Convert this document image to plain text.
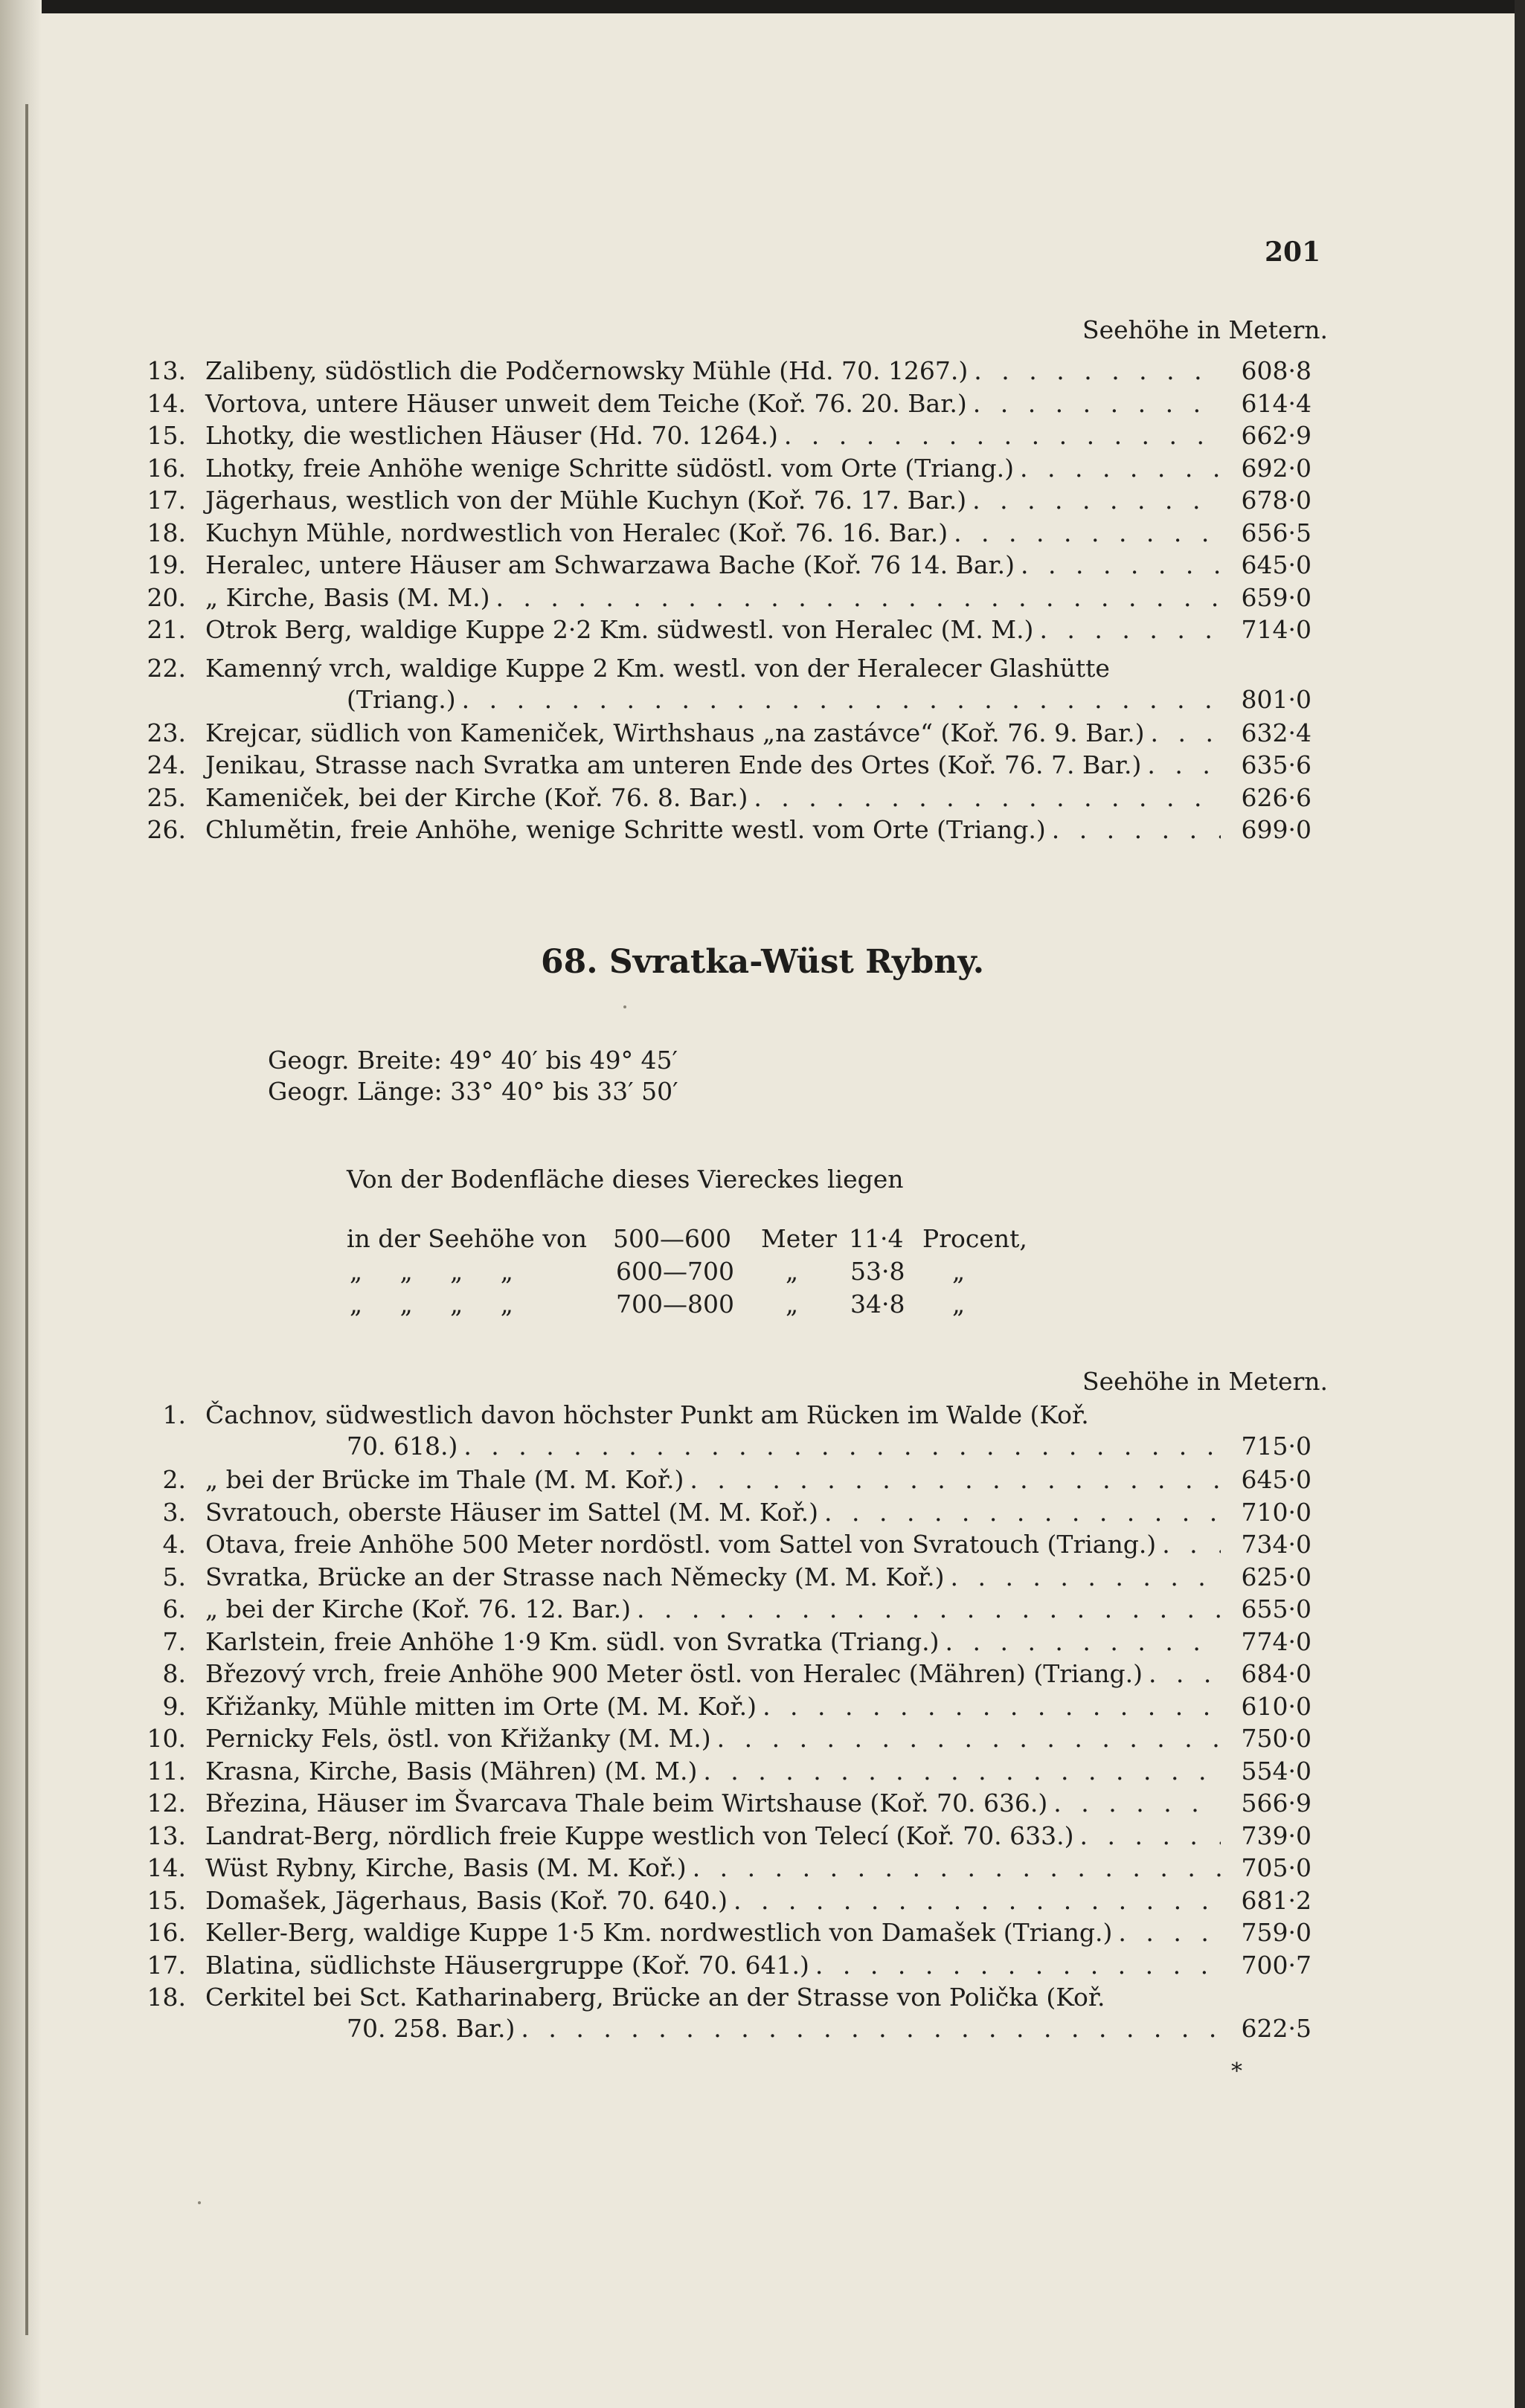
201
Seehöhe in Metern.
13. Zalibeny, südöstlich die Podčernowsky Mühle (Hd. 70. 1267.) . . .	608·8
14. Vortova, untere Häuser unweit dem Teiche (Koř. 76. 20. Bar.) . . .	614·4
15. Lhotky, die westlichen Häuser (Hd. 70. 1264.) . . .	662·9
16. Lhotky, freie Anhöhe wenige Schritte südöstl. vom Orte (Triang.) . . .	692·0
17. Jägerhaus, westlich von der Mühle Kuchyn (Koř. 76. 17. Bar.) . . .	678·0
18. Kuchyn Mühle, nordwestlich von Heralec (Koř. 76. 16. Bar.) . . .	656·5
19. Heralec, untere Häuser am Schwarzawa Bache (Koř. 76 14. Bar.) . . .	645·0
20. „ Kirche, Basis (M. M.) . . .	659·0
21. Otrok Berg, waldige Kuppe 2·2 Km. südwestl. von Heralec (M. M.) . . .	714·0
22. Kamenný vrch, waldige Kuppe 2 Km. westl. von der Heralecer Glashütte
(Triang.) . . .	801·0
23. Krejcar, südlich von Kameniček, Wirthshaus „na zastávce“ (Koř. 76. 9. Bar.) . . .	632·4
24. Jenikau, Strasse nach Svratka am unteren Ende des Ortes (Koř. 76. 7. Bar.) . . .	635·6
25. Kameniček, bei der Kirche (Koř. 76. 8. Bar.) . . .	626·6
26. Chlumětin, freie Anhöhe, wenige Schritte westl. vom Orte (Triang.) . . .	699·0
68. Svratka-Wüst Rybny.
Geogr. Breite: 49° 40′ bis 49° 45′
Geogr. Länge: 33° 40° bis 33′ 50′
Von der Bodenfläche dieses Viereckes liegen
in der Seehöhe von 500—600 Meter 11·4 Procent,
„ „ „ „	600—700 „ 53·8 „
„ „ „ „	700—800 „ 34·8 „
Seehöhe in Metern.
1. Čachnov, südwestlich davon höchster Punkt am Rücken im Walde (Koř.
70. 618.) . . .	715·0
2. „ bei der Brücke im Thale (M. M. Koř.) . . .	645·0
3. Svratouch, oberste Häuser im Sattel (M. M. Koř.) . . .	710·0
4. Otava, freie Anhöhe 500 Meter nordöstl. vom Sattel von Svratouch (Triang.) . . .	734·0
5. Svratka, Brücke an der Strasse nach Německy (M. M. Koř.) . . .	625·0
6. „ bei der Kirche (Koř. 76. 12. Bar.) . . .	655·0
7. Karlstein, freie Anhöhe 1·9 Km. südl. von Svratka (Triang.) . . .	774·0
8. Březový vrch, freie Anhöhe 900 Meter östl. von Heralec (Mähren) (Triang.) . . .	684·0
9. Křižanky, Mühle mitten im Orte (M. M. Koř.) . . .	610·0
10. Pernicky Fels, östl. von Křižanky (M. M.) . . .	750·0
11. Krasna, Kirche, Basis (Mähren) (M. M.) . . .	554·0
12. Březina, Häuser im Švarcava Thale beim Wirtshause (Koř. 70. 636.) . . .	566·9
13. Landrat-Berg, nördlich freie Kuppe westlich von Telecí (Koř. 70. 633.) . . .	739·0
14. Wüst Rybny, Kirche, Basis (M. M. Koř.) . . .	705·0
15. Domašek, Jägerhaus, Basis (Koř. 70. 640.) . . .	681·2
16. Keller-Berg, waldige Kuppe 1·5 Km. nordwestlich von Damašek (Triang.) . . .	759·0
17. Blatina, südlichste Häusergruppe (Koř. 70. 641.) . . .	700·7
18. Cerkitel bei Sct. Katharinaberg, Brücke an der Strasse von Polička (Koř.
70. 258. Bar.) . . .	622·5
*
